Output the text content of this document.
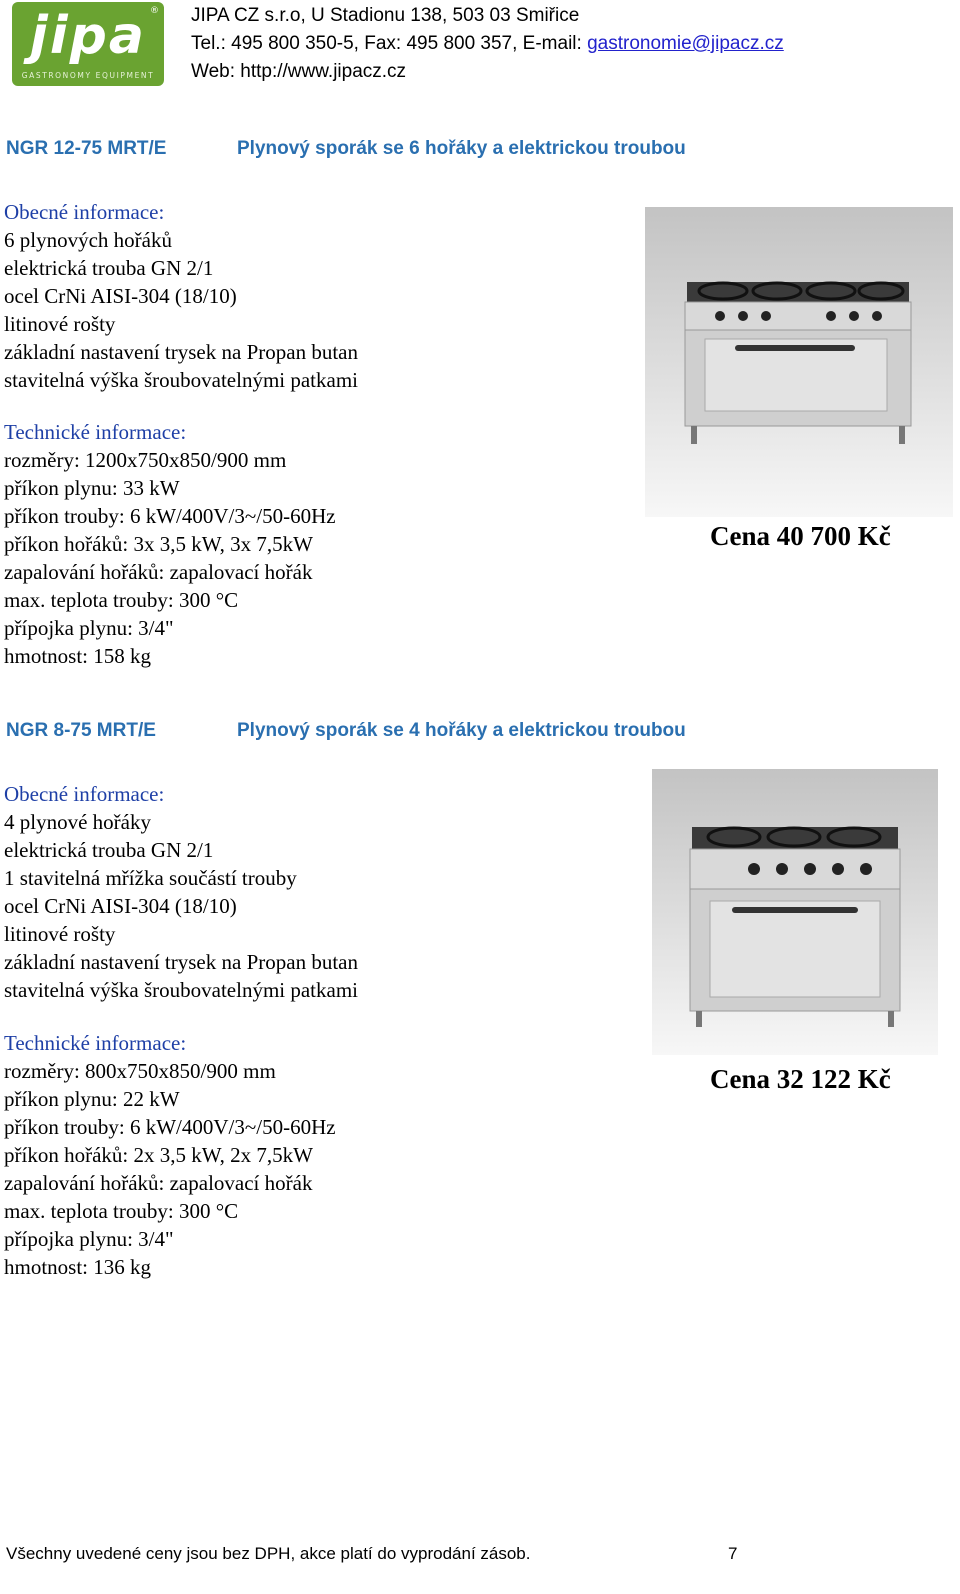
jipa ®
GASTRONOMY EQUIPMENT
JIPA CZ s.r.o, U Stadionu 138, 503 03 Smiřice
Tel.: 495 800 350-5, Fax: 495 800 357, E-mail: gastronomie@jipacz.cz
Web: http://www.jipacz.cz
NGR 12-75 MRT/E	Plynový sporák se 6 hořáky a elektrickou troubou
Obecné informace:
6 plynových hořáků
elektrická trouba GN 2/1
ocel CrNi AISI-304 (18/10)
litinové rošty
základní nastavení trysek na Propan butan
stavitelná výška šroubovatelnými patkami
Technické informace:
rozměry: 1200x750x850/900 mm
příkon plynu: 33 kW
příkon trouby: 6 kW/400V/3~/50-60Hz
příkon hořáků: 3x 3,5 kW, 3x 7,5kW
zapalování hořáků: zapalovací hořák
max. teplota trouby: 300 °C
přípojka plynu: 3/4"
hmotnost: 158 kg
Cena 40 700 Kč
NGR 8-75 MRT/E	Plynový sporák se 4 hořáky a elektrickou troubou
Obecné informace:
4 plynové hořáky
elektrická trouba GN 2/1
1 stavitelná mřížka součástí trouby
ocel CrNi AISI-304 (18/10)
litinové rošty
základní nastavení trysek na Propan butan
stavitelná výška šroubovatelnými patkami
Technické informace:
rozměry: 800x750x850/900 mm
příkon plynu: 22 kW
příkon trouby: 6 kW/400V/3~/50-60Hz
příkon hořáků: 2x 3,5 kW, 2x 7,5kW
zapalování hořáků: zapalovací hořák
max. teplota trouby: 300 °C
přípojka plynu: 3/4"
hmotnost: 136 kg
Cena 32 122 Kč
Všechny uvedené ceny jsou bez DPH, akce platí do vyprodání zásob.	7
